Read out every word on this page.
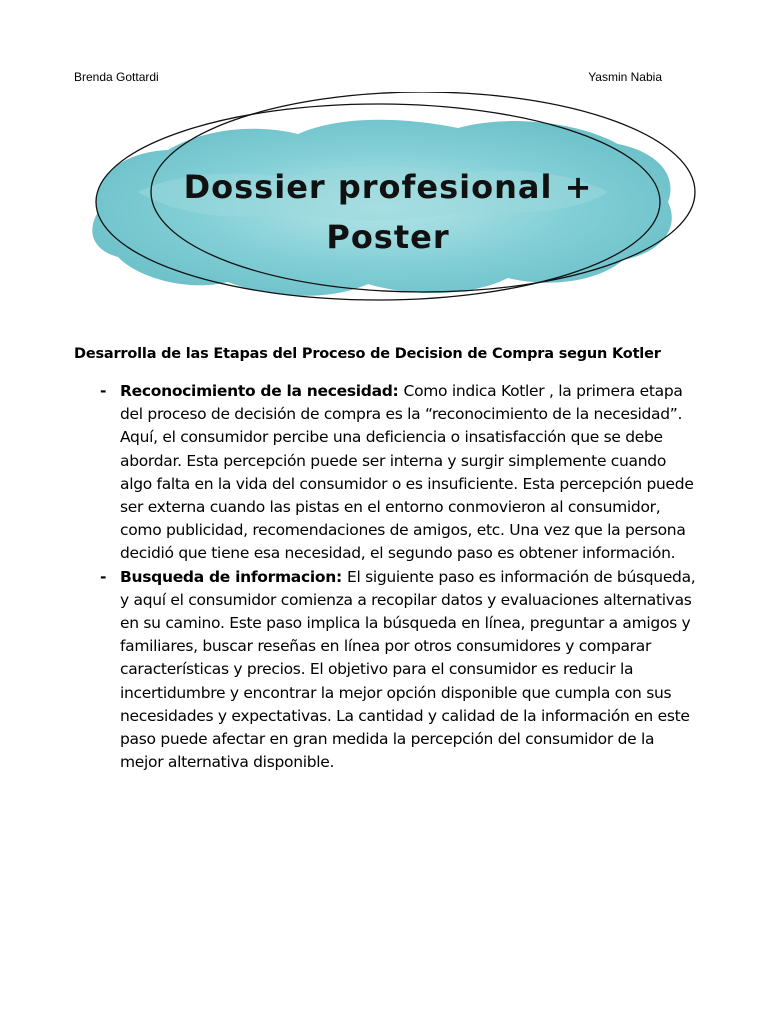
Brenda Gottardi	Yasmin Nabia
Dossier profesional +
Poster
Desarrolla de las Etapas del Proceso de Decision de Compra segun Kotler
- Reconocimiento de la necesidad: Como indica Kotler , la primera etapa del proceso de decisión de compra es la “reconocimiento de la necesidad”. Aquí, el consumidor percibe una deficiencia o insatisfacción que se debe abordar. Esta percepción puede ser interna y surgir simplemente cuando algo falta en la vida del consumidor o es insuficiente. Esta percepción puede ser externa cuando las pistas en el entorno conmovieron al consumidor, como publicidad, recomendaciones de amigos, etc. Una vez que la persona decidió que tiene esa necesidad, el segundo paso es obtener información.
- Busqueda de informacion: El siguiente paso es información de búsqueda, y aquí el consumidor comienza a recopilar datos y evaluaciones alternativas en su camino. Este paso implica la búsqueda en línea, preguntar a amigos y familiares, buscar reseñas en línea por otros consumidores y comparar características y precios. El objetivo para el consumidor es reducir la incertidumbre y encontrar la mejor opción disponible que cumpla con sus necesidades y expectativas. La cantidad y calidad de la información en este paso puede afectar en gran medida la percepción del consumidor de la mejor alternativa disponible.
